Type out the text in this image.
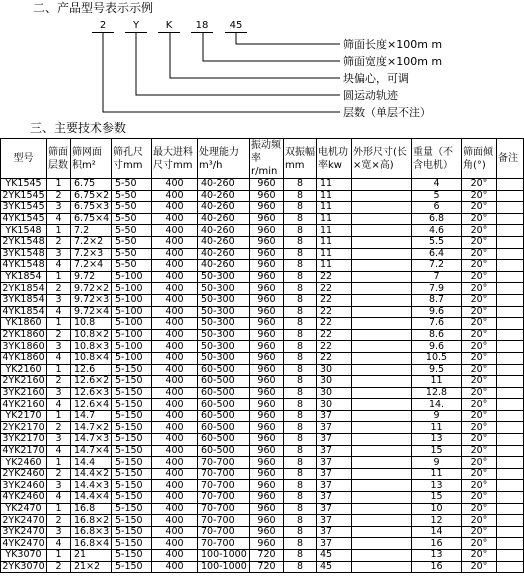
二、产品型号表示示例
2	Y	K	18	45
筛面长度×100m m
筛面宽度×100m m
块偏心，可调
圆运动轨迹
层数（单层不注）
三、主要技术参数
型号	筛面层数	筛网面积m²	筛孔尺寸mm	最大进料尺寸mm	处理能力m³/h	振动频率r/min	双振幅mm	电机功率kw	外形尺寸(长×宽×高)	重量（不含电机）	筛面倾角(°)	备注
YK1545	1	6.75	5-50	400	40-260	960	8	11		4	20°	
2YK1545	2	6.75×2	5-50	400	40-260	960	8	11		5	20°	
3YK1545	3	6.75×3	5-50	400	40-260	960	8	11		6	20°	
4YK1545	4	6.75×4	5-50	400	40-260	960	8	11		6.8	20°	
YK1548	1	7.2	5-50	400	40-260	960	8	11		4.6	20°	
2YK1548	2	7.2×2	5-50	400	40-260	960	8	11		5.5	20°	
3YK1548	3	7.2×3	5-50	400	40-260	960	8	11		6.4	20°	
4YK1548	4	7.2×4	5-50	400	40-260	960	8	11		7.2	20°	
YK1854	1	9.72	5-100	400	50-300	960	8	22		7	20°	
2YK1854	2	9.72×2	5-100	400	50-300	960	8	22		7.9	20°	
3YK1854	3	9.72×3	5-100	400	50-300	960	8	22		8.7	20°	
4YK1854	4	9.72×4	5-100	400	50-300	960	8	22		9.6	20°	
YK1860	1	10.8	5-100	400	50-300	960	8	22		7.6	20°	
2YK1860	2	10.8×2	5-100	400	50-300	960	8	22		8.6	20°	
3YK1860	3	10.8×3	5-100	400	50-300	960	8	22		9.6	20°	
4YK1860	4	10.8×4	5-100	400	50-300	960	8	22		10.5	20°	
YK2160	1	12.6	5-150	400	60-500	960	8	30		9.5	20°	
2YK2160	2	12.6×2	5-150	400	60-500	960	8	30		11	20°	
3YK2160	3	12.6×3	5-150	400	60-500	960	8	30		12.8	20°	
4YK2160	4	12.6×4	5-150	400	60-500	960	8	30		14.	20°	
YK2170	1	14.7	5-150	400	60-500	960	8	37		9	20°	
2YK2170	2	14.7×2	5-150	400	60-500	960	8	37		11	20°	
3YK2170	3	14.7×3	5-150	400	60-500	960	8	37		13	20°	
4YK2170	4	14.7×4	5-150	400	60-500	960	8	37		15	20°	
YK2460	1	14.4	5-150	400	70-700	960	8	37		9	20°	
2YK2460	2	14.4×2	5-150	400	70-700	960	8	37		11	20°	
3YK2460	3	14.4×3	5-150	400	70-700	960	8	37		13	20°	
4YK2460	4	14.4×4	5-150	400	70-700	960	8	37		15	20°	
YK2470	1	16.8	5-150	400	70-700	960	8	37		10	20°	
2YK2470	2	16.8×2	5-150	400	70-700	960	8	37		12	20°	
3YK2470	3	16.8×3	5-150	400	70-700	960	8	37		14	20°	
4YK2470	4	16.8×4	5-150	400	70-700	960	8	37		16	20°	
YK3070	1	21	5-150	400	100-1000	720	8	45		13	20°	
2YK3070	2	21×2	5-150	400	100-1000	720	8	45		16	20°	
